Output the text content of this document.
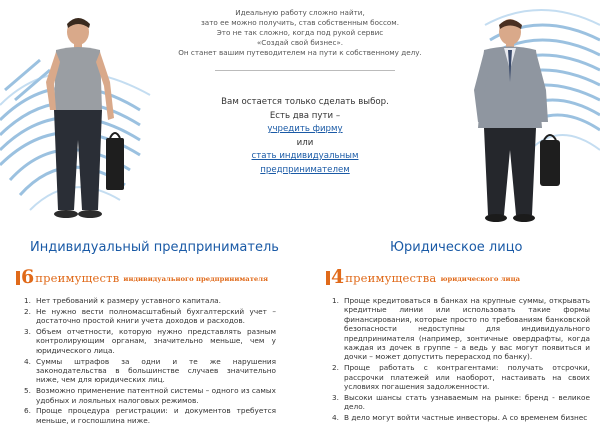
Идеальную работу сложно найти,
зато ее можно получить, став собственным боссом.
Это не так сложно, когда под рукой сервис
«Создай свой бизнес».
Он станет вашим путеводителем на пути к собственному делу.
Вам остается только сделать выбор.
Есть два пути –
учредить фирму
или
стать индивидуальным
предпринимателем
Индивидуальный предприниматель	Юридическое лицо
6 преимуществ индивидуального предпринимателя	4 преимущества юридического лица
1. Нет требований к размеру уставного капитала.
2. Не нужно вести полномасштабный бухгалтерский учет – достаточно простой книги учета доходов и расходов.
3. Объем отчетности, которую нужно представлять разным контролирующим органам, значительно меньше, чем у юридического лица.
4. Суммы штрафов за одни и те же нарушения законодательства в большинстве случаев значительно ниже, чем для юридических лиц.
5. Возможно применение патентной системы – одного из самых удобных и лояльных налоговых режимов.
6. Проще процедура регистрации: и документов требуется меньше, и госпошлина ниже.
1. Проще кредитоваться в банках на крупные суммы, открывать кредитные линии или использовать такие формы финансирования, которые просто по требованиям банковской безопасности недоступны для индивидуального предпринимателя (например, зонтичные овердрафты, когда каждая из дочек в группе – а ведь у вас могут появиться и дочки – может допустить перерасход по банку).
2. Проще работать с контрагентами: получать отсрочки, рассрочки платежей или наоборот, настаивать на своих условиях погашения задолженности.
3. Высоки шансы стать узнаваемым на рынке: бренд - великое дело.
4. В дело могут войти частные инвесторы. А со временем бизнес
